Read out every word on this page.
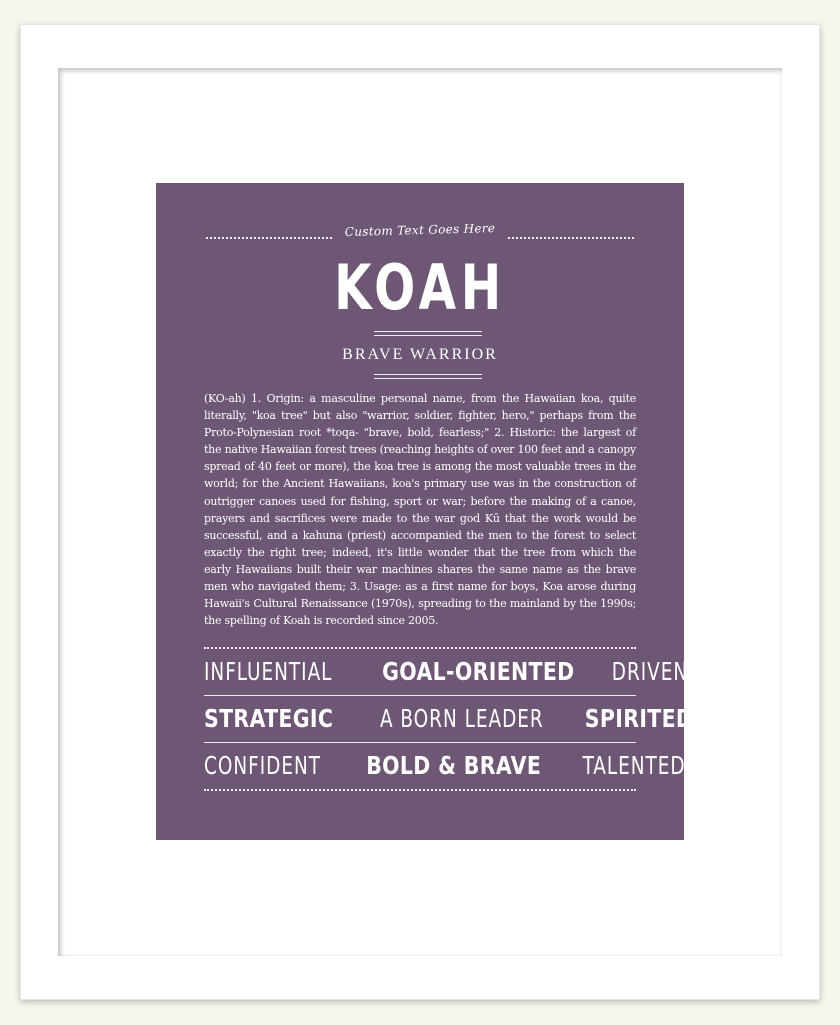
Custom Text Goes Here
KOAH
BRAVE WARRIOR
(KO-ah) 1. Origin: a masculine personal name, from the Hawaiian koa, quite literally, "koa tree" but also "warrior, soldier, fighter, hero," perhaps from the Proto-Polynesian root *toqa- "brave, bold, fearless;" 2. Historic: the largest of the native Hawaiian forest trees (reaching heights of over 100 feet and a canopy spread of 40 feet or more), the koa tree is among the most valuable trees in the world; for the Ancient Hawaiians, koa's primary use was in the construction of outrigger canoes used for fishing, sport or war; before the making of a canoe, prayers and sacrifices were made to the war god Kū that the work would be successful, and a kahuna (priest) accompanied the men to the forest to select exactly the right tree; indeed, it's little wonder that the tree from which the early Hawaiians built their war machines shares the same name as the brave men who navigated them; 3. Usage: as a first name for boys, Koa arose during Hawaii's Cultural Renaissance (1970s), spreading to the mainland by the 1990s; the spelling of Koah is recorded since 2005.
INFLUENTIAL GOAL-ORIENTED DRIVEN
STRATEGIC A BORN LEADER SPIRITED
CONFIDENT BOLD & BRAVE TALENTED
